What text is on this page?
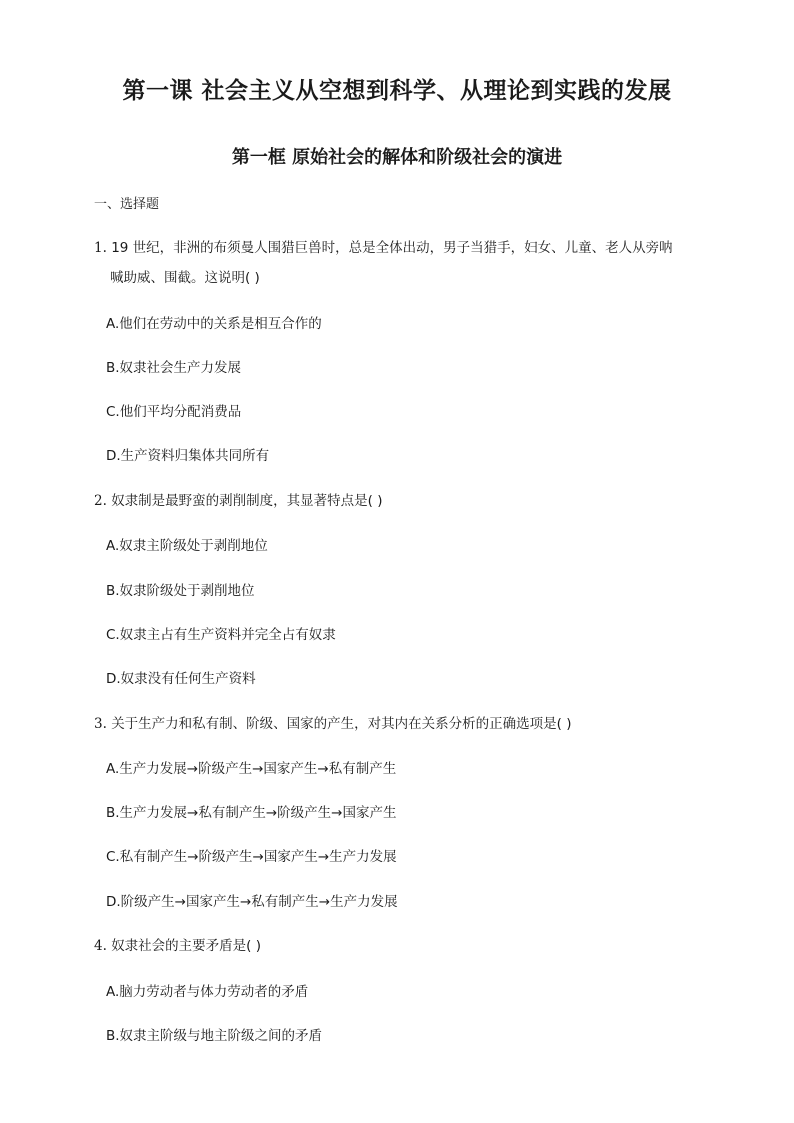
第一课 社会主义从空想到科学、从理论到实践的发展
第一框 原始社会的解体和阶级社会的演进
一、选择题
1. 19 世纪，非洲的布须曼人围猎巨兽时，总是全体出动，男子当猎手，妇女、儿童、老人从旁呐
喊助威、围截。这说明( )
A.他们在劳动中的关系是相互合作的
B.奴隶社会生产力发展
C.他们平均分配消费品
D.生产资料归集体共同所有
2. 奴隶制是最野蛮的剥削制度，其显著特点是( )
A.奴隶主阶级处于剥削地位
B.奴隶阶级处于剥削地位
C.奴隶主占有生产资料并完全占有奴隶
D.奴隶没有任何生产资料
3. 关于生产力和私有制、阶级、国家的产生，对其内在关系分析的正确选项是( )
A.生产力发展→阶级产生→国家产生→私有制产生
B.生产力发展→私有制产生→阶级产生→国家产生
C.私有制产生→阶级产生→国家产生→生产力发展
D.阶级产生→国家产生→私有制产生→生产力发展
4. 奴隶社会的主要矛盾是( )
A.脑力劳动者与体力劳动者的矛盾
B.奴隶主阶级与地主阶级之间的矛盾
